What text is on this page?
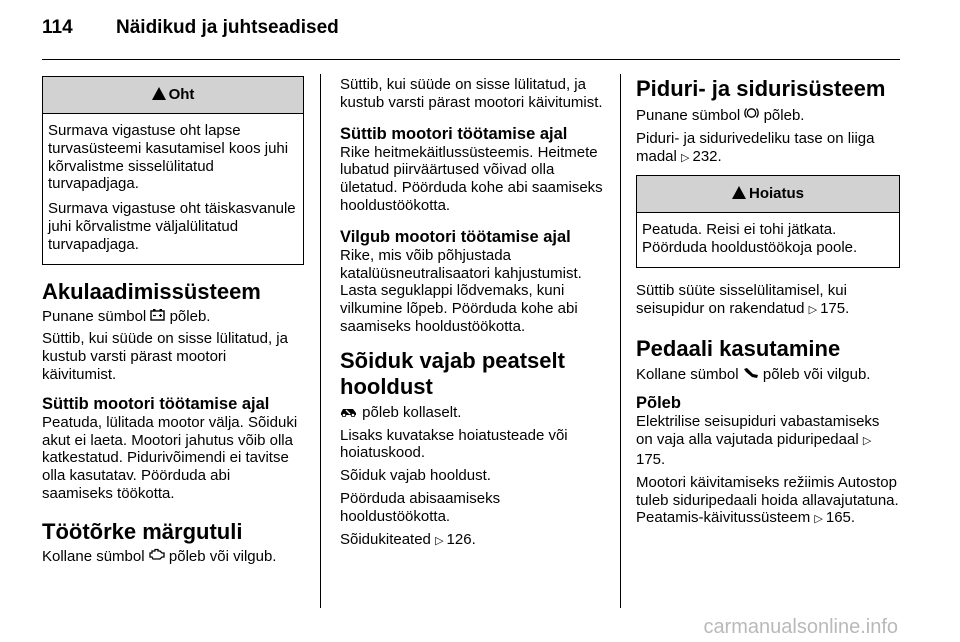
114 Näidikud ja juhtseadised
Oht

Surmava vigastuse oht lapse turvasüsteemi kasutamisel koos juhi kõrvalistme sisselülitatud turvapadjaga.

Surmava vigastuse oht täiskasvanule juhi kõrvalistme väljalülitatud turvapadjaga.

Akulaadimissüsteem

Punane sümbol põleb.

Süttib, kui süüde on sisse lülitatud, ja kustub varsti pärast mootori käivitumist.

Süttib mootori töötamise ajal

Peatuda, lülitada mootor välja. Sõiduki akut ei laeta. Mootori jahutus võib olla katkestatud. Pidurivõimendi ei tavitse olla kasutatav. Pöörduda abi saamiseks töökotta.

Töötõrke märgutuli

Kollane sümbol põleb või vilgub.

Süttib, kui süüde on sisse lülitatud, ja kustub varsti pärast mootori käivitumist.

Süttib mootori töötamise ajal

Rike heitmekäitlussüsteemis. Heitmete lubatud piirväärtused võivad olla ületatud. Pöörduda kohe abi saamiseks hooldustöökotta.

Vilgub mootori töötamise ajal

Rike, mis võib põhjustada katalüüsneutralisaatori kahjustumist. Lasta seguklappi lõdvemaks, kuni vilkumine lõpeb. Pöörduda kohe abi saamiseks hooldustöökotta.

Sõiduk vajab peatselt hooldust

põleb kollaselt.

Lisaks kuvatakse hoiatusteade või hoiatuskood.

Sõiduk vajab hooldust.

Pöörduda abisaamiseks hooldustöökotta.

Sõidukiteated ▷ 126.

Piduri- ja sidurisüsteem

Punane sümbol põleb.

Piduri- ja sidurivedeliku tase on liiga madal ▷ 232.

Hoiatus

Peatuda. Reisi ei tohi jätkata. Pöörduda hooldustöökoja poole.

Süttib süüte sisselülitamisel, kui seisupidur on rakendatud ▷ 175.

Pedaali kasutamine

Kollane sümbol põleb või vilgub.

Põleb

Elektrilise seisupiduri vabastamiseks on vaja alla vajutada piduripedaal ▷175.

Mootori käivitamiseks režiimis Autostop tuleb siduripedaali hoida allavajutatuna. Peatamis-käivitussüsteem ▷ 165.

carmanualsonline.info
